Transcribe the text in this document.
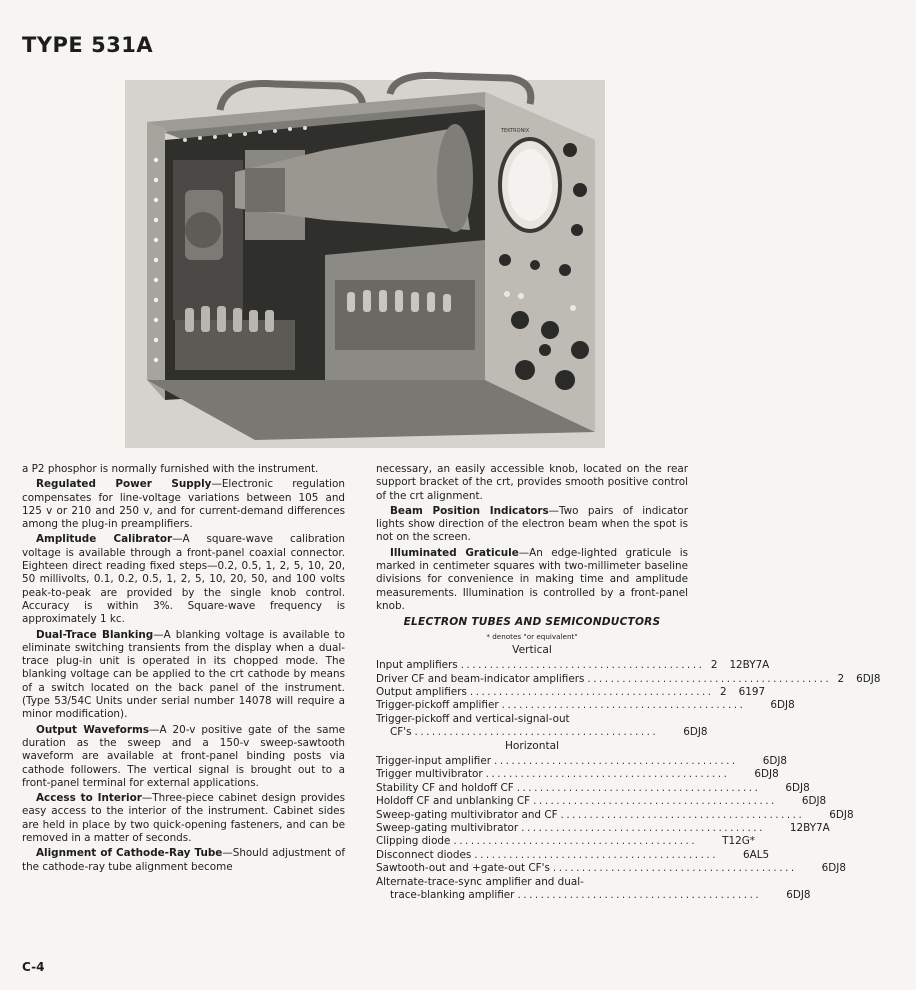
TYPE 531A
TEKTRONIX

a P2 phosphor is normally furnished with the instrument.

Regulated Power Supply—Electronic regulation compensates for line-voltage variations between 105 and 125 v or 210 and 250 v, and for current-demand differences among the plug-in preamplifiers.

Amplitude Calibrator—A square-wave calibration voltage is available through a front-panel coaxial connector. Eighteen direct reading fixed steps—0.2, 0.5, 1, 2, 5, 10, 20, 50 millivolts, 0.1, 0.2, 0.5, 1, 2, 5, 10, 20, 50, and 100 volts peak-to-peak are provided by the single knob control. Accuracy is within 3%. Square-wave frequency is approximately 1 kc.

Dual-Trace Blanking—A blanking voltage is available to eliminate switching transients from the display when a dual-trace plug-in unit is operated in its chopped mode. The blanking voltage can be applied to the crt cathode by means of a switch located on the back panel of the instrument. (Type 53/54C Units under serial number 14078 will require a minor modification).

Output Waveforms—A 20-v positive gate of the same duration as the sweep and a 150-v sweep-sawtooth waveform are available at front-panel binding posts via cathode followers. The vertical signal is brought out to a front-panel terminal for external applications.

Access to Interior—Three-piece cabinet design provides easy access to the interior of the instrument. Cabinet sides are held in place by two quick-opening fasteners, and can be removed in a matter of seconds.

Alignment of Cathode-Ray Tube—Should adjustment of the cathode-ray tube alignment become

necessary, an easily accessible knob, located on the rear support bracket of the crt, provides smooth positive control of the crt alignment.

Beam Position Indicators—Two pairs of indicator lights show direction of the electron beam when the spot is not on the screen.

Illuminated Graticule—An edge-lighted graticule is marked in centimeter squares with two-millimeter baseline divisions for convenience in making time and amplitude measurements. Illumination is controlled by a front-panel knob.

ELECTRON TUBES AND SEMICONDUCTORS
* denotes "or equivalent"
Vertical
Input amplifiers .......................................... 2	12BY7A
Driver CF and beam-indicator amplifiers .......................................... 2	6DJ8
Output amplifiers .......................................... 2	6197
Trigger-pickoff amplifier ..........................................	6DJ8
Trigger-pickoff and vertical-signal-out
CF's ..........................................	6DJ8
Horizontal
Trigger-input amplifier ..........................................	6DJ8
Trigger multivibrator ..........................................	6DJ8
Stability CF and holdoff CF ..........................................	6DJ8
Holdoff CF and unblanking CF ..........................................	6DJ8
Sweep-gating multivibrator and CF ..........................................	6DJ8
Sweep-gating multivibrator ..........................................	12BY7A
Clipping diode ..........................................	T12G*
Disconnect diodes ..........................................	6AL5
Sawtooth-out and +gate-out CF's ..........................................	6DJ8
Alternate-trace-sync amplifier and dual-
trace-blanking amplifier ..........................................	6DJ8
C-4
